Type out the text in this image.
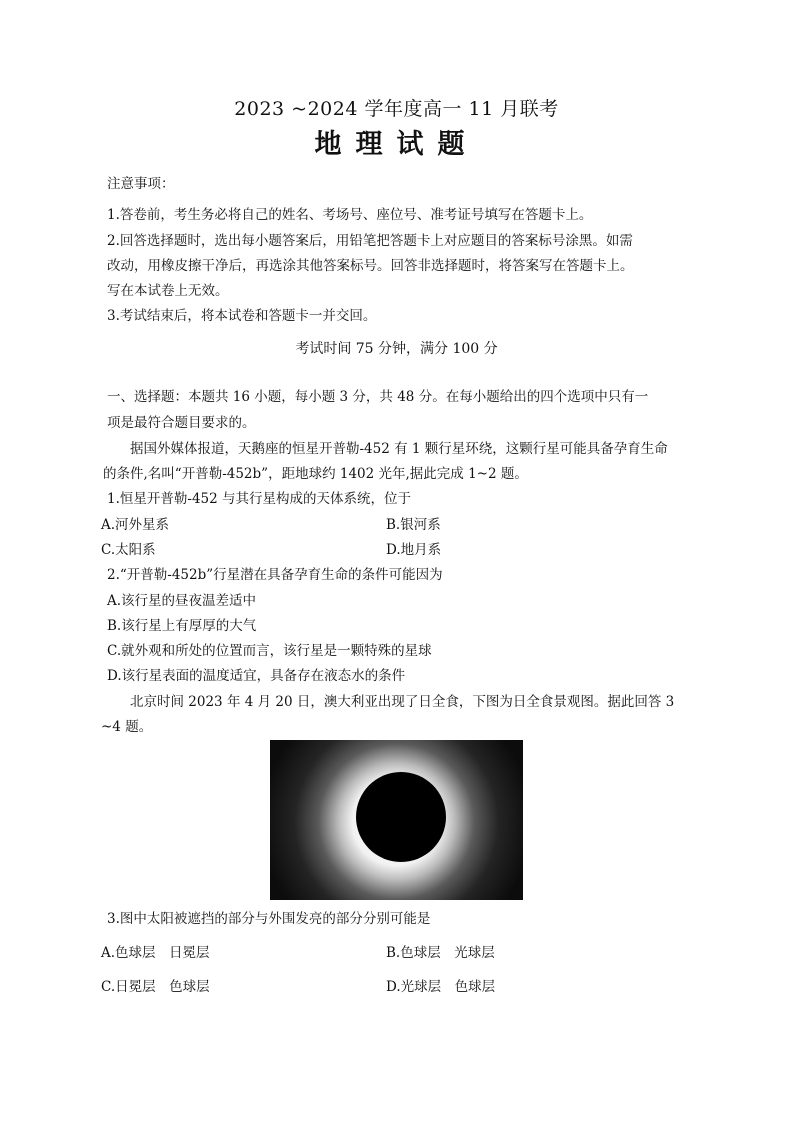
2023 ~2024 学年度高一 11 月联考
地理试题
注意事项：
1.答卷前，考生务必将自己的姓名、考场号、座位号、准考证号填写在答题卡上。
2.回答选择题时，选出每小题答案后，用铅笔把答题卡上对应题目的答案标号涂黑。如需
改动，用橡皮擦干净后，再选涂其他答案标号。回答非选择题时，将答案写在答题卡上。
写在本试卷上无效。
3.考试结束后，将本试卷和答题卡一并交回。
考试时间 75 分钟，满分 100 分
一、选择题：本题共 16 小题，每小题 3 分，共 48 分。在每小题给出的四个选项中只有一
项是最符合题目要求的。
据国外媒体报道，天鹅座的恒星开普勒-452 有 1 颗行星环绕，这颗行星可能具备孕育生命
的条件,名叫“开普勒-452b”，距地球约 1402 光年,据此完成 1~2 题。
1.恒星开普勒-452 与其行星构成的天体系统，位于
A.河外星系	B.银河系
C.太阳系	D.地月系
2.“开普勒-452b”行星潜在具备孕育生命的条件可能因为
A.该行星的昼夜温差适中
B.该行星上有厚厚的大气
C.就外观和所处的位置而言，该行星是一颗特殊的星球
D.该行星表面的温度适宜，具备存在液态水的条件
北京时间 2023 年 4 月 20 日，澳大利亚出现了日全食，下图为日全食景观图。据此回答 3
~4 题。
3.图中太阳被遮挡的部分与外围发亮的部分分别可能是
A.色球层　日冕层	B.色球层　光球层
C.日冕层　色球层	D.光球层　色球层
